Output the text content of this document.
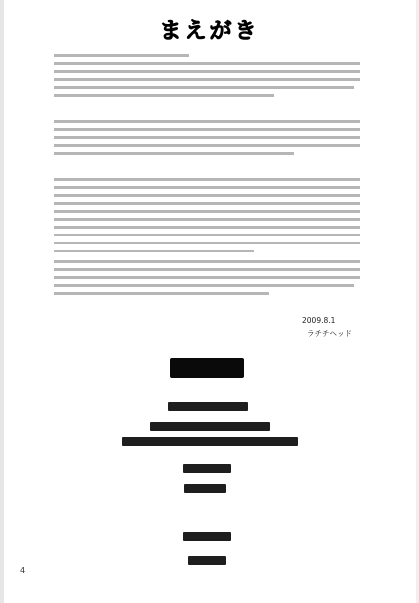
まえがき
2009.8.1
ラチチヘッド
4
